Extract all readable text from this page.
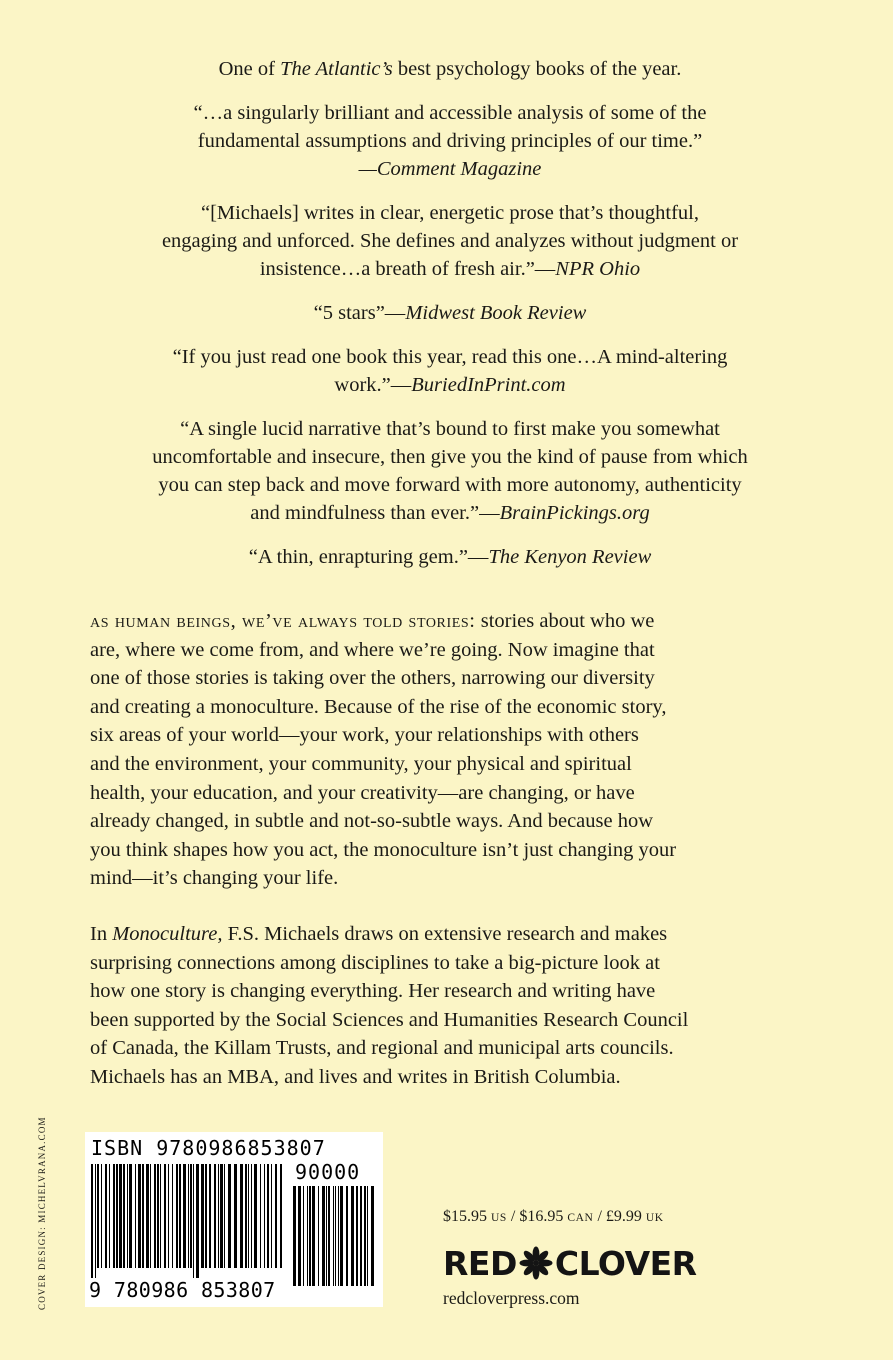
One of The Atlantic’s best psychology books of the year.

“…a singularly brilliant and accessible analysis of some of the
fundamental assumptions and driving principles of our time.”
—Comment Magazine

“[Michaels] writes in clear, energetic prose that’s thoughtful,
engaging and unforced. She defines and analyzes without judgment or
insistence…a breath of fresh air.”—NPR Ohio

“5 stars”—Midwest Book Review

“If you just read one book this year, read this one…A mind-altering
work.”—BuriedInPrint.com

“A single lucid narrative that’s bound to first make you somewhat
uncomfortable and insecure, then give you the kind of pause from which
you can step back and move forward with more autonomy, authenticity
and mindfulness than ever.”—BrainPickings.org

“A thin, enrapturing gem.”—The Kenyon Review

as human beings, we’ve always told stories: stories about who we
are, where we come from, and where we’re going. Now imagine that
one of those stories is taking over the others, narrowing our diversity
and creating a monoculture. Because of the rise of the economic story,
six areas of your world—your work, your relationships with others
and the environment, your community, your physical and spiritual
health, your education, and your creativity—are changing, or have
already changed, in subtle and not-so-subtle ways. And because how
you think shapes how you act, the monoculture isn’t just changing your
mind—it’s changing your life.
In Monoculture, F.S. Michaels draws on extensive research and makes
surprising connections among disciplines to take a big-picture look at
how one story is changing everything. Her research and writing have
been supported by the Social Sciences and Humanities Research Council
of Canada, the Killam Trusts, and regional and municipal arts councils.
Michaels has an MBA, and lives and writes in British Columbia.
COVER DESIGN: MICHELVRANA.COM ISBN 9780986853807
90000
9 780986 853807
$15.95 US / $16.95 CAN / £9.99 UK
RED CLOVER
redcloverpress.com
